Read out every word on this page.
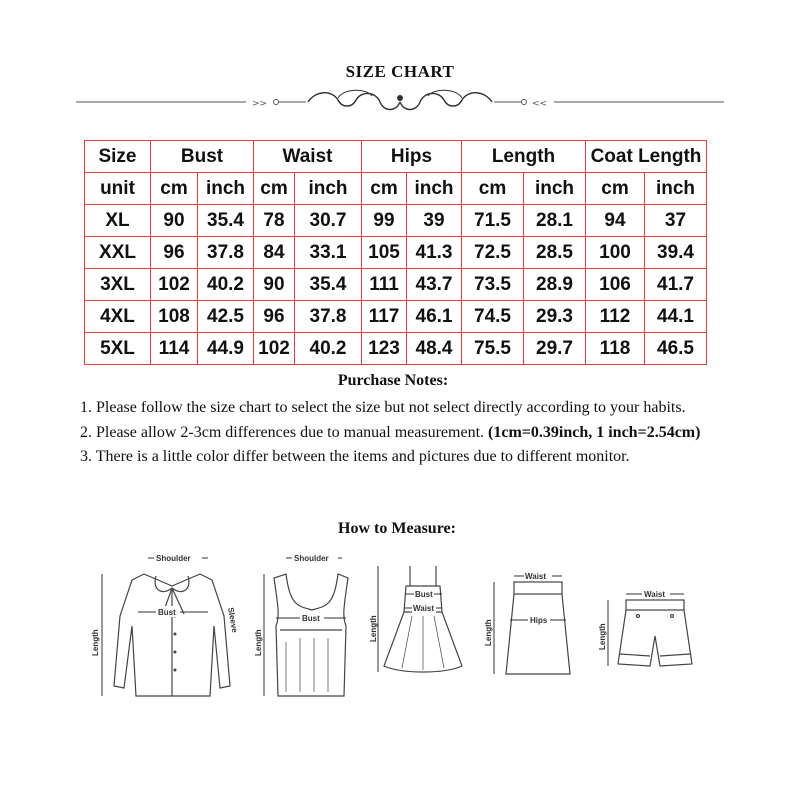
SIZE CHART
>>	<<
Size	Bust		Waist		Hips		Length		Coat Length	
unit	cm	inch	cm	inch	cm	inch	cm	inch	cm	inch
XL	90	35.4	78	30.7	99	39	71.5	28.1	94	37
XXL	96	37.8	84	33.1	105	41.3	72.5	28.5	100	39.4
3XL	102	40.2	90	35.4	111	43.7	73.5	28.9	106	41.7
4XL	108	42.5	96	37.8	117	46.1	74.5	29.3	112	44.1
5XL	114	44.9	102	40.2	123	48.4	75.5	29.7	118	46.5
Purchase Notes:

1. Please follow the size chart to select the size but not select directly according to your habits.

2. Please allow 2-3cm differences due to manual measurement. (1cm=0.39inch, 1 inch=2.54cm)

3. There is a little color differ between the items and pictures due to different monitor.

How to Measure:
Shoulder
Bust
Length
Sleeve
Shoulder
Bust
Length
Bust
Waist
Length
Waist
Hips
Length
Waist
Length
